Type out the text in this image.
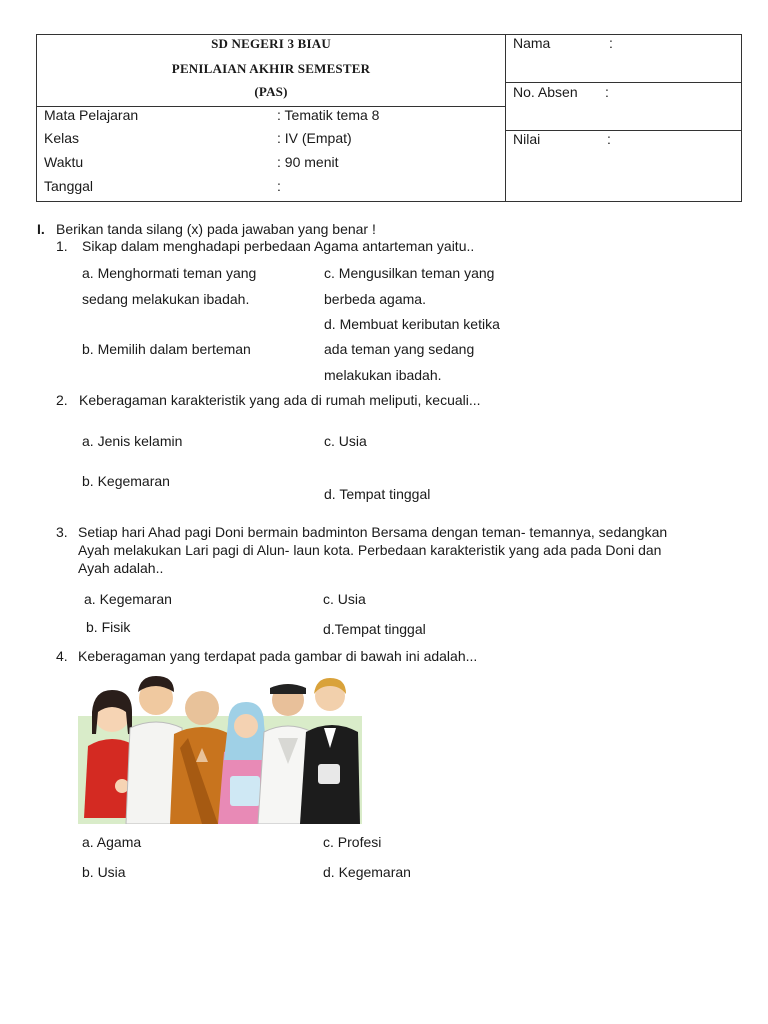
SD NEGERI 3 BIAU
PENILAIAN AKHIR SEMESTER
(PAS)
Mata Pelajaran	: Tematik tema 8
Kelas	: IV (Empat)
Waktu	: 90 menit
Tanggal	:
Nama	:
No. Absen :
Nilai	:
I. Berikan tanda silang (x) pada jawaban yang benar !
1. Sikap dalam menghadapi perbedaan Agama antarteman yaitu..
a. Menghormati teman yang
sedang melakukan ibadah.
b. Memilih dalam berteman
c. Mengusilkan teman yang
berbeda agama.
d. Membuat keributan ketika
ada teman yang sedang
melakukan ibadah.
2. Keberagaman karakteristik yang ada di rumah meliputi, kecuali...
a. Jenis kelamin
b. Kegemaran
c. Usia
d. Tempat tinggal
3. Setiap hari Ahad pagi Doni bermain badminton Bersama dengan teman- temannya, sedangkan
Ayah melakukan Lari pagi di Alun- laun kota. Perbedaan karakteristik yang ada pada Doni dan
Ayah adalah..
a. Kegemaran
b. Fisik
c. Usia
d.Tempat tinggal
4. Keberagaman yang terdapat pada gambar di bawah ini adalah...
a. Agama
b. Usia
c. Profesi
d. Kegemaran
